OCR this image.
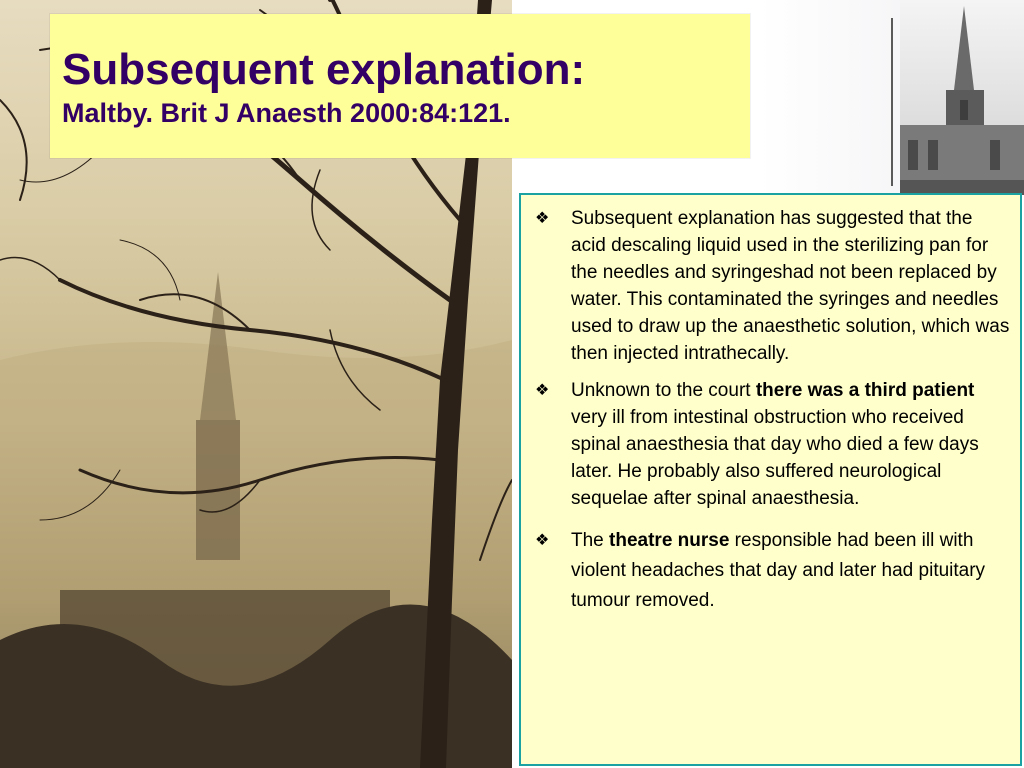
Subsequent explanation:

Maltby. Brit J Anaesth 2000:84:121.

❖	Subsequent explanation has suggested that the acid descaling liquid used in the sterilizing pan for the needles and syringeshad not been replaced by water. This contaminated the syringes and needles used to draw up the anaesthetic solution, which was then injected intrathecally.
❖	Unknown to the court there was a third patient very ill from intestinal obstruction who received spinal anaesthesia that day who died a few days later. He probably also suffered neurological sequelae after spinal anaesthesia.
❖	The theatre nurse responsible had been ill with violent headaches that day and later had pituitary tumour removed.
